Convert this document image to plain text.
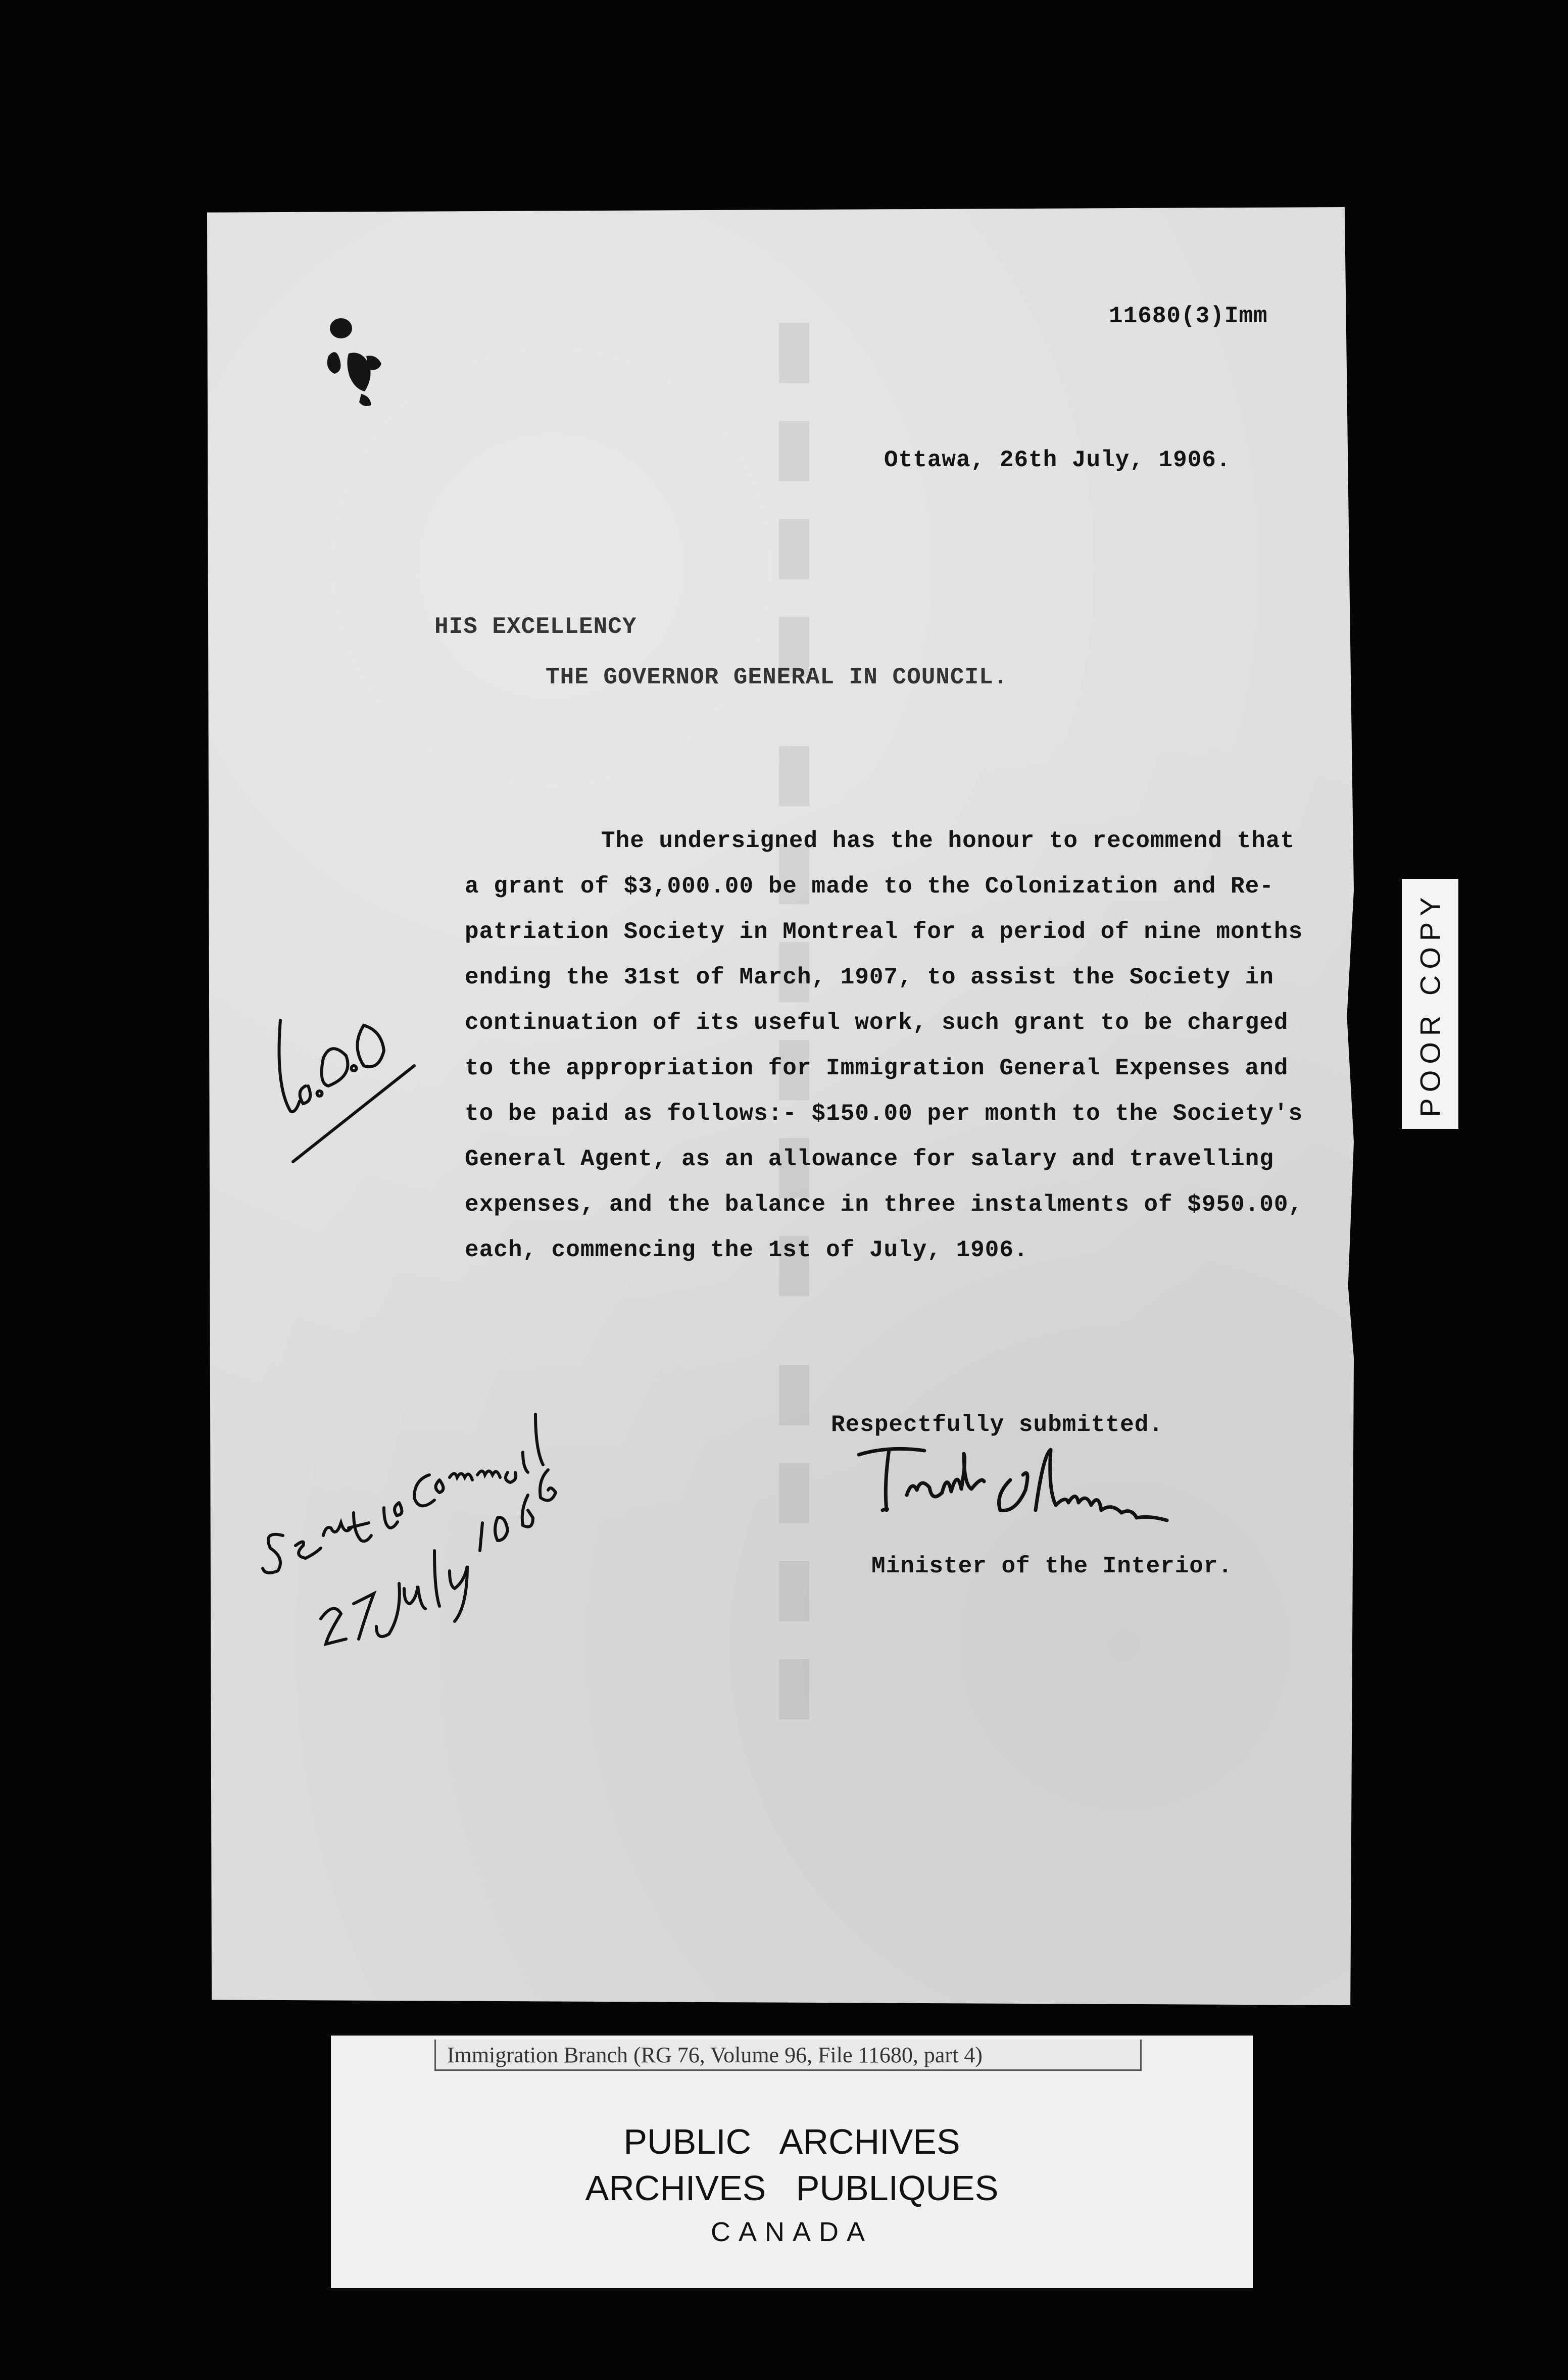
▮▮▮▮ ▮▮▮▮▮▮ ▮▮▮▮	11680(3)Imm
Ottawa, 26th July, 1906.
HIS EXCELLENCY
THE GOVERNOR GENERAL IN COUNCIL.
The undersigned has the honour to recommend that
a grant of $3,000.00 be made to the Colonization and Re-
patriation Society in Montreal for a period of nine months
ending the 31st of March, 1907, to assist the Society in
continuation of its useful work, such grant to be charged
to the appropriation for Immigration General Expenses and
to be paid as follows:- $150.00 per month to the Society's
General Agent, as an allowance for salary and travelling
expenses, and the balance in three instalments of $950.00,
each, commencing the 1st of July, 1906.
Respectfully submitted.
Minister of the Interior.
POOR COPY
Immigration Branch (RG 76, Volume 96, File 11680, part 4)
PUBLIC ARCHIVES
ARCHIVES PUBLIQUES
CANADA
